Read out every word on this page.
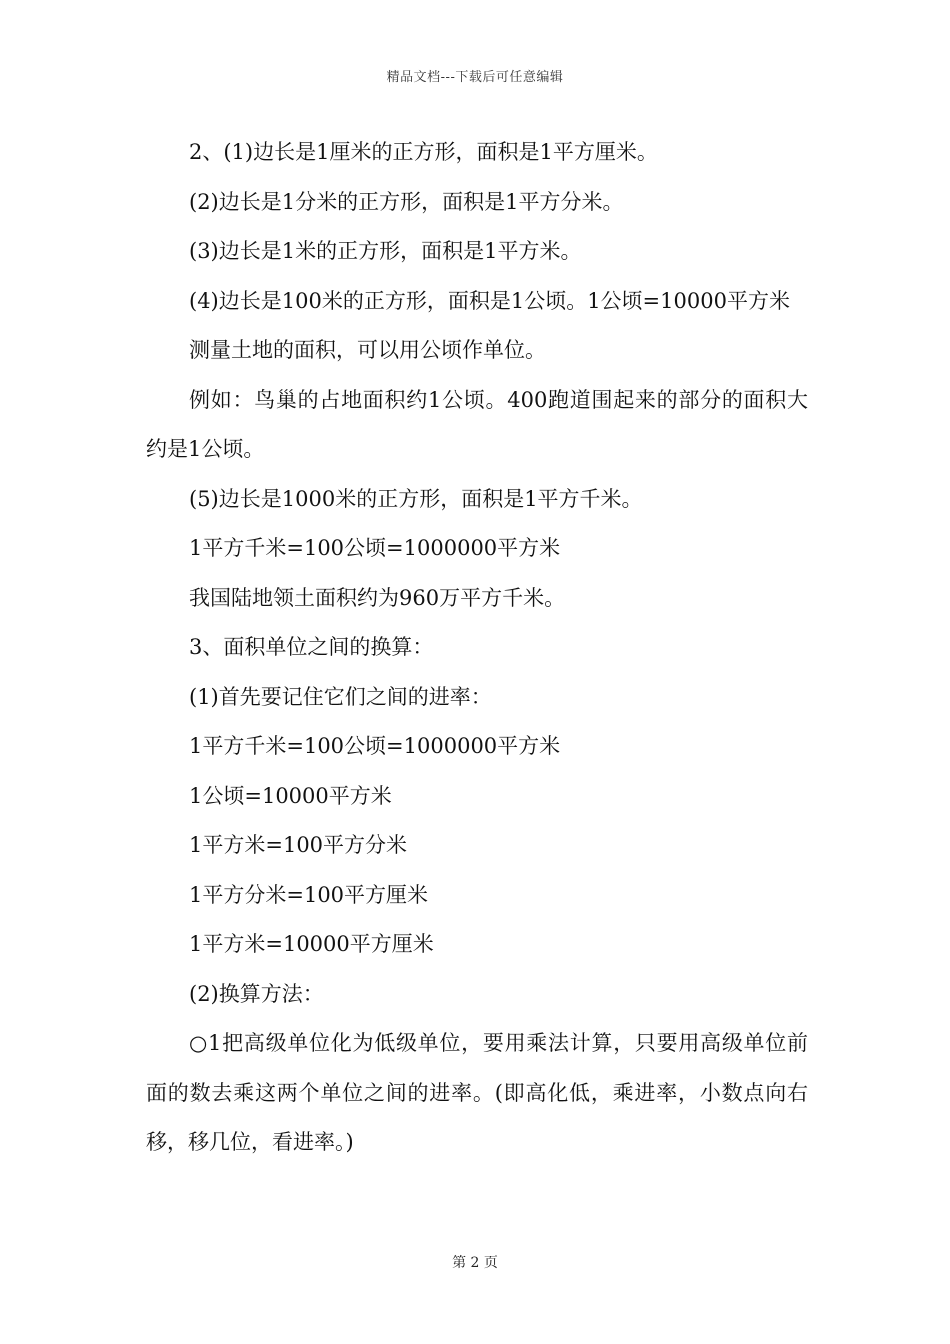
精品文档---下载后可任意编辑

2、(1)边长是1厘米的正方形，面积是1平方厘米。

(2)边长是1分米的正方形，面积是1平方分米。

(3)边长是1米的正方形，面积是1平方米。

(4)边长是100米的正方形，面积是1公顷。1公顷=10000平方米

测量土地的面积，可以用公顷作单位。

例如：鸟巢的占地面积约1公顷。400跑道围起来的部分的面积大约是1公顷。

(5)边长是1000米的正方形，面积是1平方千米。

1平方千米=100公顷=1000000平方米

我国陆地领土面积约为960万平方千米。

3、面积单位之间的换算：

(1)首先要记住它们之间的进率：

1平方千米=100公顷=1000000平方米

1公顷=10000平方米

1平方米=100平方分米

1平方分米=100平方厘米

1平方米=10000平方厘米

(2)换算方法：

○1把高级单位化为低级单位，要用乘法计算，只要用高级单位前面的数去乘这两个单位之间的进率。(即高化低，乘进率，小数点向右移，移几位，看进率。)

第 2 页
